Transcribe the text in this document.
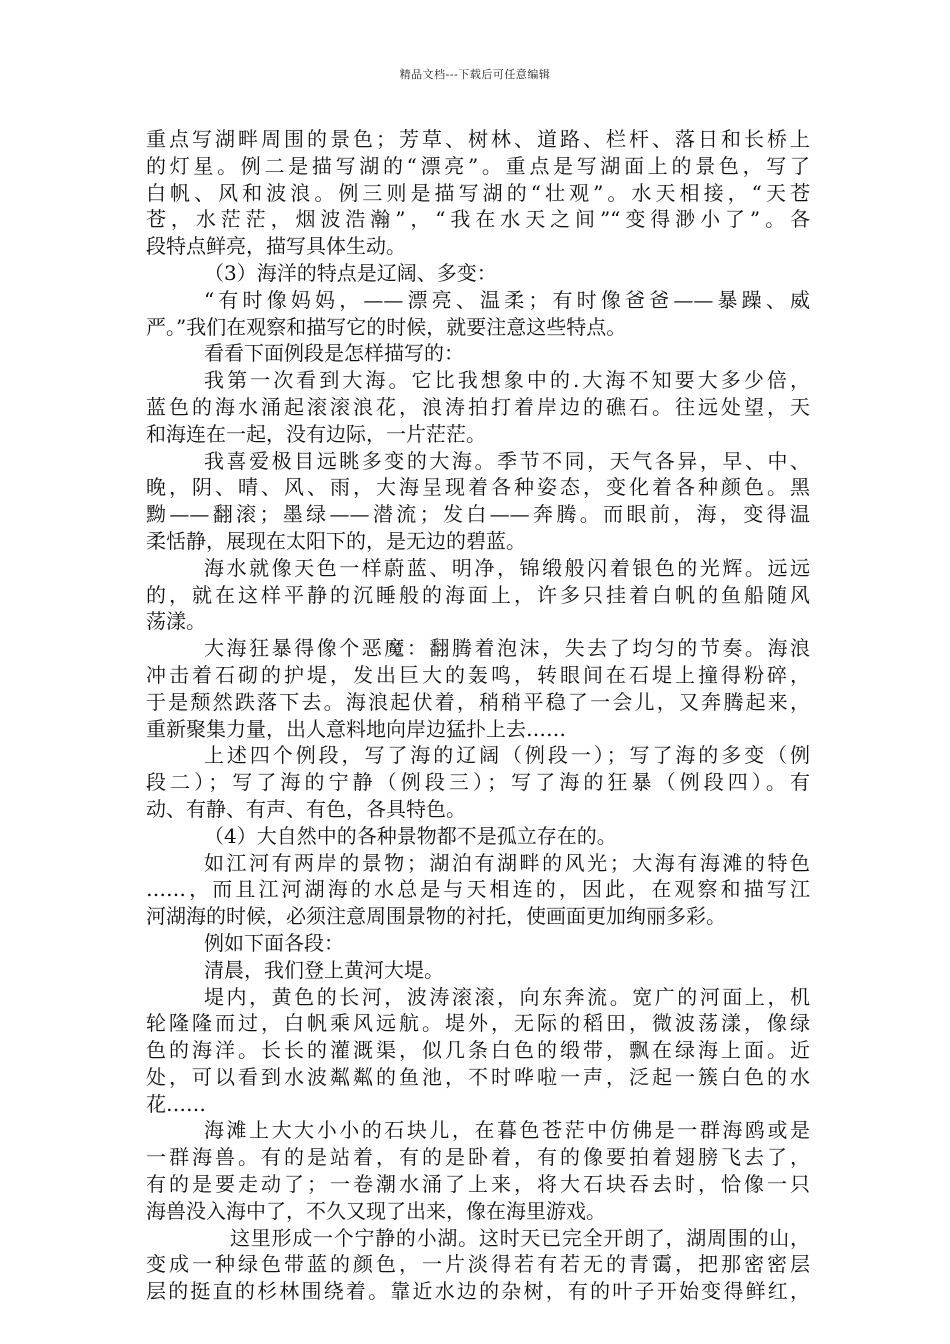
精品文档---下载后可任意编辑
重点写湖畔周围的景色；芳草、树林、道路、栏杆、落日和长桥上
的灯星。例二是描写湖的“漂亮”。重点是写湖面上的景色，写了
白帆、风和波浪。例三则是描写湖的“壮观”。水天相接，“天苍
苍，水茫茫，烟波浩瀚”，“我在水天之间”“变得渺小了”。各
段特点鲜亮，描写具体生动。
（3）海洋的特点是辽阔、多变：
“有时像妈妈，——漂亮、温柔；有时像爸爸——暴躁、威
严。”我们在观察和描写它的时候，就要注意这些特点。
看看下面例段是怎样描写的：
我第一次看到大海。它比我想象中的.大海不知要大多少倍，
蓝色的海水涌起滚滚浪花，浪涛拍打着岸边的礁石。往远处望，天
和海连在一起，没有边际，一片茫茫。
我喜爱极目远眺多变的大海。季节不同，天气各异，早、中、
晚，阴、晴、风、雨，大海呈现着各种姿态，变化着各种颜色。黑
黝——翻滚；墨绿——潜流；发白——奔腾。而眼前，海，变得温
柔恬静，展现在太阳下的，是无边的碧蓝。
海水就像天色一样蔚蓝、明净，锦缎般闪着银色的光辉。远远
的，就在这样平静的沉睡般的海面上，许多只挂着白帆的鱼船随风
荡漾。
大海狂暴得像个恶魔：翻腾着泡沫，失去了均匀的节奏。海浪
冲击着石砌的护堤，发出巨大的轰鸣，转眼间在石堤上撞得粉碎，
于是颓然跌落下去。海浪起伏着，稍稍平稳了一会儿，又奔腾起来，
重新聚集力量，出人意料地向岸边猛扑上去……
上述四个例段，写了海的辽阔（例段一）；写了海的多变（例
段二）；写了海的宁静（例段三）；写了海的狂暴（例段四）。有
动、有静、有声、有色，各具特色。
（4）大自然中的各种景物都不是孤立存在的。
如江河有两岸的景物；湖泊有湖畔的风光；大海有海滩的特色
……，而且江河湖海的水总是与天相连的，因此，在观察和描写江
河湖海的时候，必须注意周围景物的衬托，使画面更加绚丽多彩。
例如下面各段：
清晨，我们登上黄河大堤。
堤内，黄色的长河，波涛滚滚，向东奔流。宽广的河面上，机
轮隆隆而过，白帆乘风远航。堤外，无际的稻田，微波荡漾，像绿
色的海洋。长长的灌溉渠，似几条白色的缎带，飘在绿海上面。近
处，可以看到水波粼粼的鱼池，不时哗啦一声，泛起一簇白色的水
花……
海滩上大大小小的石块儿，在暮色苍茫中仿佛是一群海鸥或是
一群海兽。有的是站着，有的是卧着，有的像要拍着翅膀飞去了，
有的是要走动了；一卷潮水涌了上来，将大石块吞去时，恰像一只
海兽没入海中了，不久又现了出来，像在海里游戏。
这里形成一个宁静的小湖。这时天已完全开朗了，湖周围的山，
变成一种绿色带蓝的颜色，一片淡得若有若无的青霭，把那密密层
层的挺直的杉林围绕着。靠近水边的杂树，有的叶子开始变得鲜红，
